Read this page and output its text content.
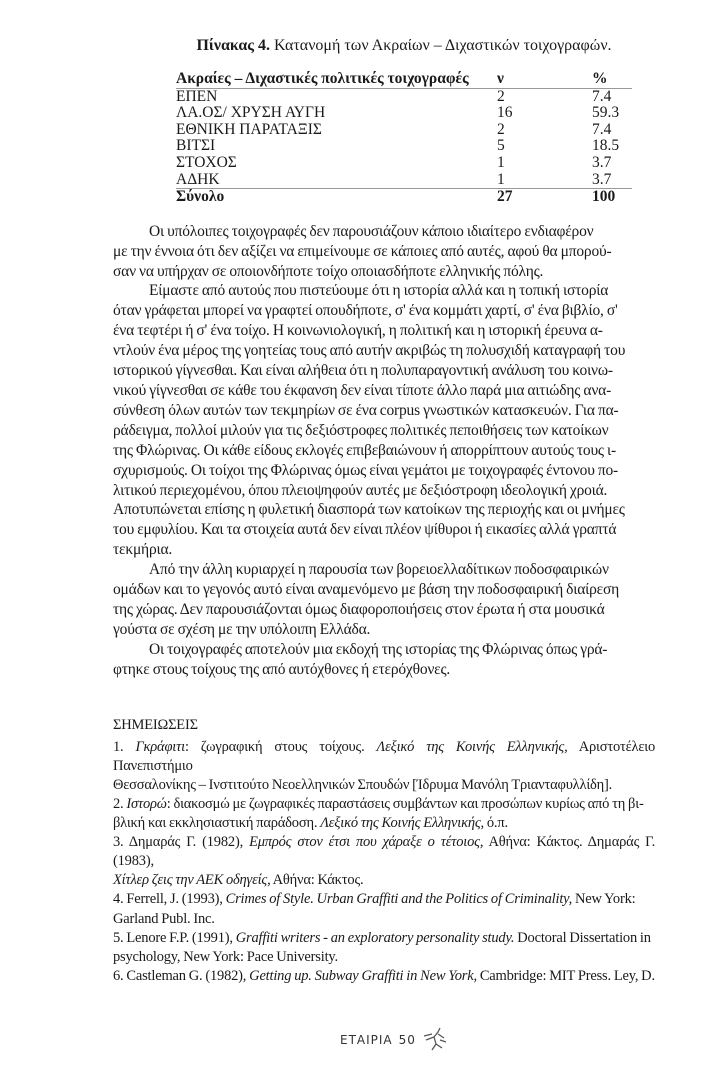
Πίνακας 4. Κατανομή των Ακραίων – Διχαστικών τοιχογραφών.
Ακραίες – Διχαστικές πολιτικές τοιχογραφές	ν	%
ΕΠΕΝ	2	7.4
ΛΑ.ΟΣ/ ΧΡΥΣΗ ΑΥΓΗ	16	59.3
ΕΘΝΙΚΗ ΠΑΡΑΤΑΞΙΣ	2	7.4
ΒΙΤΣΙ	5	18.5
ΣΤΟΧΟΣ	1	3.7
ΑΔΗΚ	1	3.7
Σύνολο	27	100
Οι υπόλοιπες τοιχογραφές δεν παρουσιάζουν κάποιο ιδιαίτερο ενδιαφέρον
με την έννοια ότι δεν αξίζει να επιμείνουμε σε κάποιες από αυτές, αφού θα μπορού-
σαν να υπήρχαν σε οποιονδήποτε τοίχο οποιασδήποτε ελληνικής πόλης.
Είμαστε από αυτούς που πιστεύουμε ότι η ιστορία αλλά και η τοπική ιστορία
όταν γράφεται μπορεί να γραφτεί οπουδήποτε, σ' ένα κομμάτι χαρτί, σ' ένα βιβλίο, σ'
ένα τεφτέρι ή σ' ένα τοίχο. Η κοινωνιολογική, η πολιτική και η ιστορική έρευνα α-
ντλούν ένα μέρος της γοητείας τους από αυτήν ακριβώς τη πολυσχιδή καταγραφή του
ιστορικού γίγνεσθαι. Και είναι αλήθεια ότι η πολυπαραγοντική ανάλυση του κοινω-
νικού γίγνεσθαι σε κάθε του έκφανση δεν είναι τίποτε άλλο παρά μια αιτιώδης ανα-
σύνθεση όλων αυτών των τεκμηρίων σε ένα corpus γνωστικών κατασκευών. Για πα-
ράδειγμα, πολλοί μιλούν για τις δεξιόστροφες πολιτικές πεποιθήσεις των κατοίκων
της Φλώρινας. Οι κάθε είδους εκλογές επιβεβαιώνουν ή απορρίπτουν αυτούς τους ι-
σχυρισμούς. Οι τοίχοι της Φλώρινας όμως είναι γεμάτοι με τοιχογραφές έντονου πο-
λιτικού περιεχομένου, όπου πλειοψηφούν αυτές με δεξιόστροφη ιδεολογική χροιά.
Αποτυπώνεται επίσης η φυλετική διασπορά των κατοίκων της περιοχής και οι μνήμες
του εμφυλίου. Και τα στοιχεία αυτά δεν είναι πλέον ψίθυροι ή εικασίες αλλά γραπτά
τεκμήρια.
Από την άλλη κυριαρχεί η παρουσία των βορειοελλαδίτικων ποδοσφαιρικών
ομάδων και το γεγονός αυτό είναι αναμενόμενο με βάση την ποδοσφαιρική διαίρεση
της χώρας. Δεν παρουσιάζονται όμως διαφοροποιήσεις στον έρωτα ή στα μουσικά
γούστα σε σχέση με την υπόλοιπη Ελλάδα.
Οι τοιχογραφές αποτελούν μια εκδοχή της ιστορίας της Φλώρινας όπως γρά-
φτηκε στους τοίχους της από αυτόχθονες ή ετερόχθονες.
ΣΗΜΕΙΩΣΕΙΣ
1. Γκράφιτι: ζωγραφική στους τοίχους. Λεξικό της Κοινής Ελληνικής, Αριστοτέλειο Πανεπιστήμιο
Θεσσαλονίκης – Ινστιτούτο Νεοελληνικών Σπουδών [Ίδρυμα Μανόλη Τριανταφυλλίδη].
2. Ιστορώ: διακοσμώ με ζωγραφικές παραστάσεις συμβάντων και προσώπων κυρίως από τη βι-
βλική και εκκλησιαστική παράδοση. Λεξικό της Κοινής Ελληνικής, ό.π.
3. Δημαράς Γ. (1982), Εμπρός στον έτσι που χάραξε ο τέτοιος, Αθήνα: Κάκτος. Δημαράς Γ. (1983),
Χίτλερ ζεις την ΑΕΚ οδηγείς, Αθήνα: Κάκτος.
4. Ferrell, J. (1993), Crimes of Style. Urban Graffiti and the Politics of Criminality, New York:
Garland Publ. Inc.
5. Lenore F.P. (1991), Graffiti writers - an exploratory personality study. Doctoral Dissertation in
psychology, New York: Pace University.
6. Castleman G. (1982), Getting up. Subway Graffiti in New York, Cambridge: MIT Press. Ley, D.
ΕΤΑΙΡΙΑ 50
